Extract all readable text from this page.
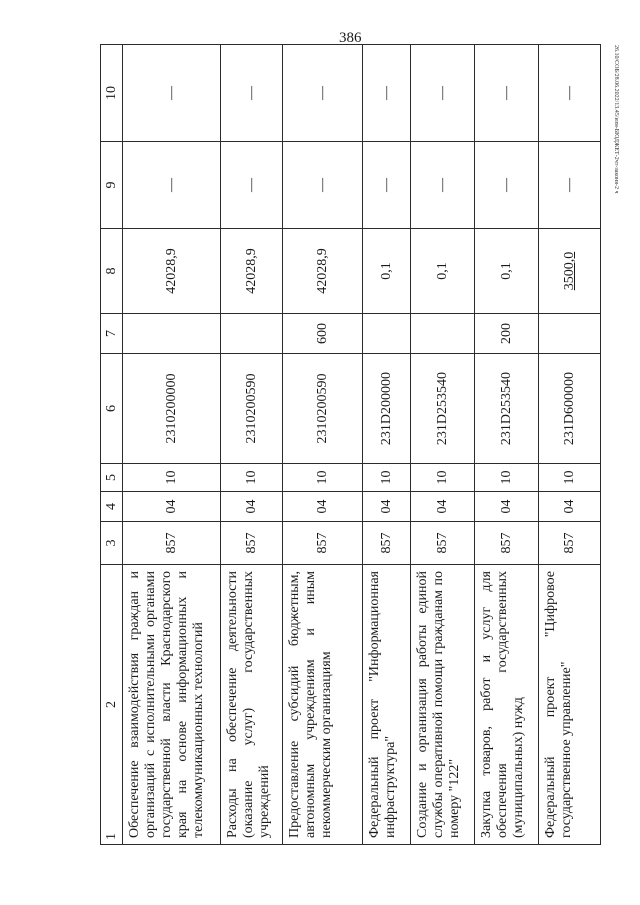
386
26.10/СОБ/28.06.2022/13.45/изм-БЮДЖЕТ-2чт-законя-2 ч
1	2	3	4	5	6	7	8	9	10
	Обеспечение взаимодействия граждан и организаций с исполнительными органами государственной власти Краснодарского края на основе информационных и телекоммуникационных технологий	857	04	10	2310200000		42028,9	—	—
	Расходы на обеспечение деятельности (оказание услуг) государственных учреждений	857	04	10	2310200590		42028,9	—	—
	Предоставление субсидий бюджетным, автономным учреждениям и иным некоммерческим организациям	857	04	10	2310200590	600	42028,9	—	—
	Федеральный проект "Информационная инфраструктура"	857	04	10	231D200000		0,1	—	—
	Создание и организация работы единой службы оперативной помощи гражданам по номеру "122"	857	04	10	231D253540		0,1	—	—
	Закупка товаров, работ и услуг для обеспечения государственных (муниципальных) нужд	857	04	10	231D253540	200	0,1	—	—
	Федеральный проект "Цифровое государственное управление"	857	04	10	231D600000		3500,0	—	—
